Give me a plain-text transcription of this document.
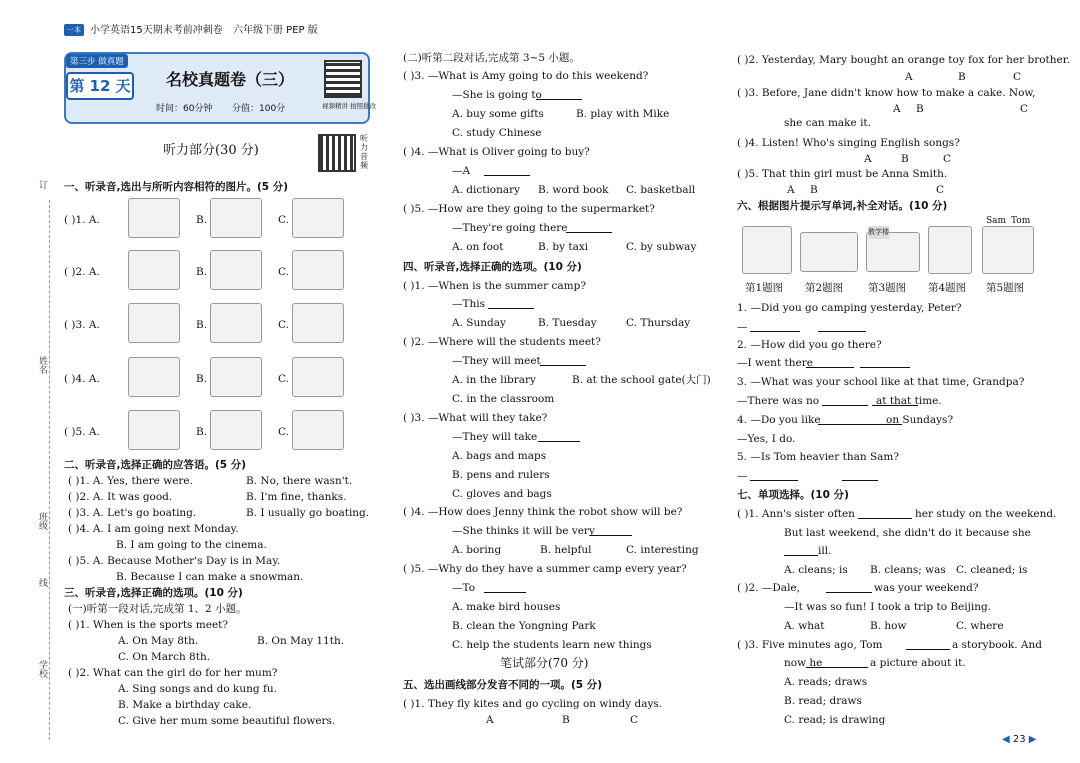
一本 小学英语15天期末考前冲刺卷 六年级下册 PEP 版
第三步 做真题
第 12 天 名校真题卷（三）
时间：60分钟 分值：100分	视频精讲 拍照批改
听力部分(30 分)
听力音频
订
姓名
班级
线
学校
一、听录音,选出与所听内容相符的图片。(5 分)
二、听录音,选择正确的应答语。(5 分)
三、听录音,选择正确的选项。(10 分)
(一)听第一段对话,完成第 1、2 小题。
( )1. When is the sports meet?
A. On May 8th.	B. On May 11th.
C. On March 8th.
( )2. What can the girl do for her mum?
A. Sing songs and do kung fu.
B. Make a birthday cake.
C. Give her mum some beautiful flowers.
◀ 23 ▶
( )1. A.	B.	C.
( )2. A.	B.	C.
( )3. A.	B.	C.
( )4. A.	B.	C.
( )5. A.	B.	C.
( )1. A. Yes, there were.	B. No, there wasn't.
( )2. A. It was good.	B. I'm fine, thanks.
( )3. A. Let's go boating.	B. I usually go boating.
( )4. A. I am going next Monday.
B. I am going to the cinema.
( )5. A. Because Mother's Day is in May.
B. Because I can make a snowman.
(二)听第二段对话,完成第 3~5 小题。
( )3. —What is Amy going to do this weekend?
—She is going to
A. buy some gifts	B. play with Mike
C. study Chinese
( )4. —What is Oliver going to buy?
—A
A. dictionary B. word book C. basketball
( )5. —How are they going to the supermarket?
—They're going there
A. on foot	B. by taxi	C. by subway
四、听录音,选择正确的选项。(10 分)
( )1. —When is the summer camp?
—This
A. Sunday	B. Tuesday	C. Thursday
( )2. —Where will the students meet?
—They will meet
A. in the library	B. at the school gate(大门)
C. in the classroom
( )3. —What will they take?
—They will take
A. bags and maps
B. pens and rulers
C. gloves and bags
( )4. —How does Jenny think the robot show will be?
—She thinks it will be very
A. boring	B. helpful	C. interesting
( )5. —Why do they have a summer camp every year?
—To
A. make bird houses
B. clean the Yongning Park
C. help the students learn new things
五、选出画线部分发音不同的一项。(5 分)
( )1. They fly kites and go cycling on windy days.
笔试部分(70 分)
A	B	C
( )2. Yesterday, Mary bought an orange toy fox for her brother.
( )3. Before, Jane didn't know how to make a cake. Now,
she can make it.
( )4. Listen! Who's singing English songs?
( )5. That thin girl must be Anna Smith.
六、根据图片提示写单词,补全对话。(10 分)
1. —Did you go camping yesterday, Peter?
—
2. —How did you go there?
—I went there
3. —What was your school like at that time, Grandpa?
—There was no
4. —Do you like
—Yes, I do.
5. —Is Tom heavier than Sam?
—
七、单项选择。(10 分)
( )1. Ann's sister often
But last weekend, she didn't do it because she
A. cleans; is B. cleans; was C. cleaned; is
( )2. —Dale,
—It was so fun! I took a trip to Beijing.
A. what	B. how	C. where
( )3. Five minutes ago, Tom
now he
A. reads; draws
B. read; draws
C. read; is drawing
her study on the weekend.
ill.
was your weekend?
a storybook. And
a picture about it.
at that time.
on Sundays?
A	B	C
A B	C
A	B	C
A B	C
教学楼
Sam Tom
第1题图 第2题图 第3题图 第4题图 第5题图
